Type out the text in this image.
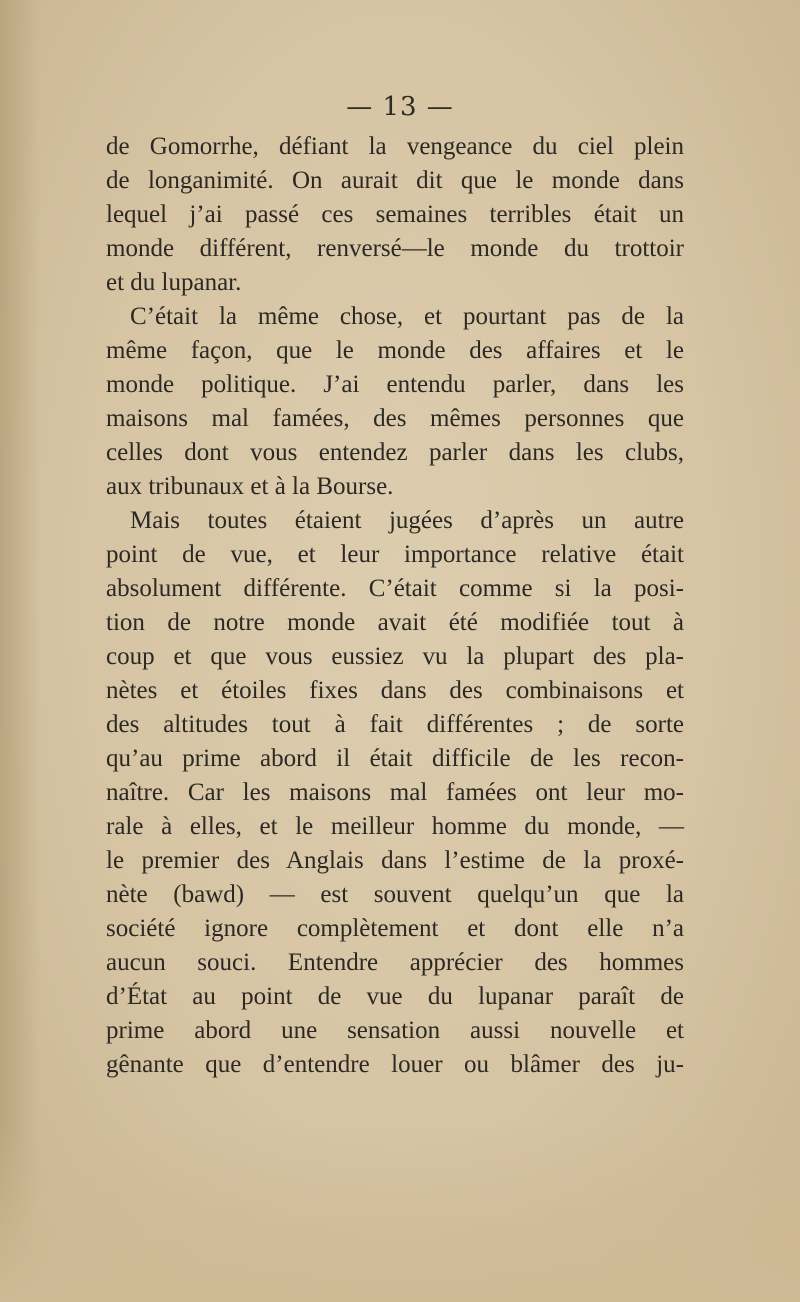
— 13 —
de Gomorrhe, défiant la vengeance du ciel plein
de longanimité. On aurait dit que le monde dans
lequel j’ai passé ces semaines terribles était un
monde différent, renversé—le monde du trottoir
et du lupanar.
C’était la même chose, et pourtant pas de la
même façon, que le monde des affaires et le
monde politique. J’ai entendu parler, dans les
maisons mal famées, des mêmes personnes que
celles dont vous entendez parler dans les clubs,
aux tribunaux et à la Bourse.
Mais toutes étaient jugées d’après un autre
point de vue, et leur importance relative était
absolument différente. C’était comme si la posi-
tion de notre monde avait été modifiée tout à
coup et que vous eussiez vu la plupart des pla-
nètes et étoiles fixes dans des combinaisons et
des altitudes tout à fait différentes ; de sorte
qu’au prime abord il était difficile de les recon-
naître. Car les maisons mal famées ont leur mo-
rale à elles, et le meilleur homme du monde, —
le premier des Anglais dans l’estime de la proxé-
nète (bawd) — est souvent quelqu’un que la
société ignore complètement et dont elle n’a
aucun souci. Entendre apprécier des hommes
d’État au point de vue du lupanar paraît de
prime abord une sensation aussi nouvelle et
gênante que d’entendre louer ou blâmer des ju-
